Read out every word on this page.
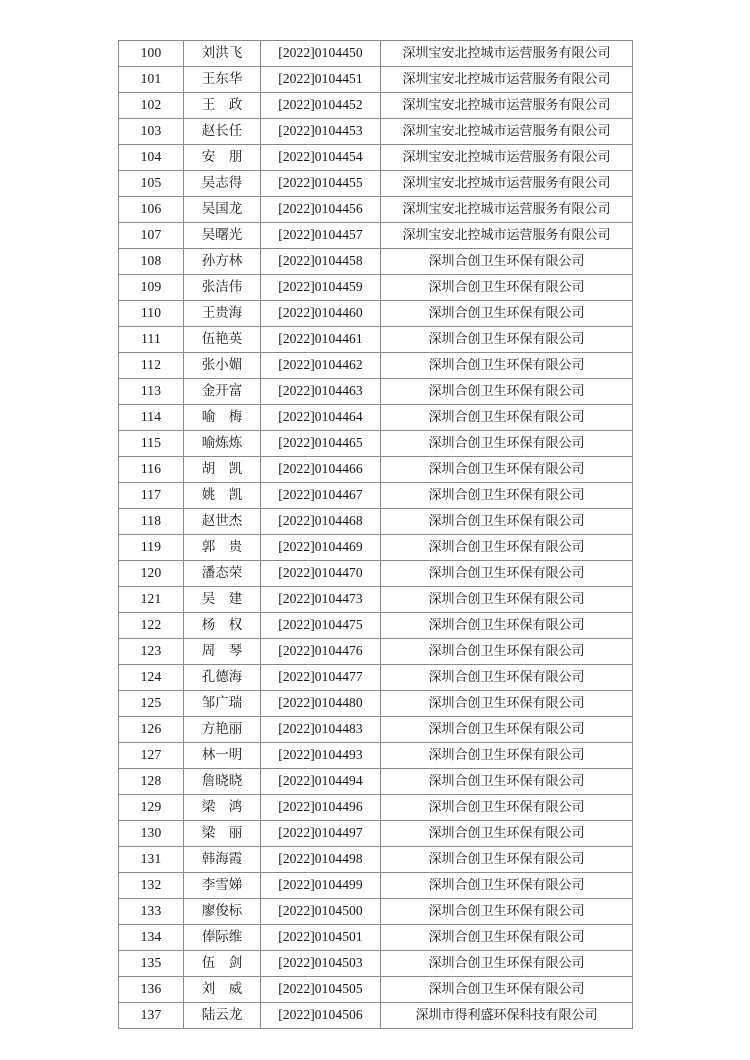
100	刘洪飞	[2022]0104450	深圳宝安北控城市运营服务有限公司
101	王东华	[2022]0104451	深圳宝安北控城市运营服务有限公司
102	王　政	[2022]0104452	深圳宝安北控城市运营服务有限公司
103	赵长任	[2022]0104453	深圳宝安北控城市运营服务有限公司
104	安　朋	[2022]0104454	深圳宝安北控城市运营服务有限公司
105	吴志得	[2022]0104455	深圳宝安北控城市运营服务有限公司
106	吴国龙	[2022]0104456	深圳宝安北控城市运营服务有限公司
107	吴曙光	[2022]0104457	深圳宝安北控城市运营服务有限公司
108	孙方林	[2022]0104458	深圳合创卫生环保有限公司
109	张洁伟	[2022]0104459	深圳合创卫生环保有限公司
110	王贵海	[2022]0104460	深圳合创卫生环保有限公司
111	伍艳英	[2022]0104461	深圳合创卫生环保有限公司
112	张小媚	[2022]0104462	深圳合创卫生环保有限公司
113	金开富	[2022]0104463	深圳合创卫生环保有限公司
114	喻　梅	[2022]0104464	深圳合创卫生环保有限公司
115	喻炼炼	[2022]0104465	深圳合创卫生环保有限公司
116	胡　凯	[2022]0104466	深圳合创卫生环保有限公司
117	姚　凯	[2022]0104467	深圳合创卫生环保有限公司
118	赵世杰	[2022]0104468	深圳合创卫生环保有限公司
119	郭　贵	[2022]0104469	深圳合创卫生环保有限公司
120	潘态荣	[2022]0104470	深圳合创卫生环保有限公司
121	吴　建	[2022]0104473	深圳合创卫生环保有限公司
122	杨　权	[2022]0104475	深圳合创卫生环保有限公司
123	周　琴	[2022]0104476	深圳合创卫生环保有限公司
124	孔德海	[2022]0104477	深圳合创卫生环保有限公司
125	邹广瑞	[2022]0104480	深圳合创卫生环保有限公司
126	方艳丽	[2022]0104483	深圳合创卫生环保有限公司
127	林一明	[2022]0104493	深圳合创卫生环保有限公司
128	詹晓晓	[2022]0104494	深圳合创卫生环保有限公司
129	梁　鸿	[2022]0104496	深圳合创卫生环保有限公司
130	梁　丽	[2022]0104497	深圳合创卫生环保有限公司
131	韩海霞	[2022]0104498	深圳合创卫生环保有限公司
132	李雪娣	[2022]0104499	深圳合创卫生环保有限公司
133	廖俊标	[2022]0104500	深圳合创卫生环保有限公司
134	俸际维	[2022]0104501	深圳合创卫生环保有限公司
135	伍　剑	[2022]0104503	深圳合创卫生环保有限公司
136	刘　威	[2022]0104505	深圳合创卫生环保有限公司
137	陆云龙	[2022]0104506	深圳市得利盛环保科技有限公司
